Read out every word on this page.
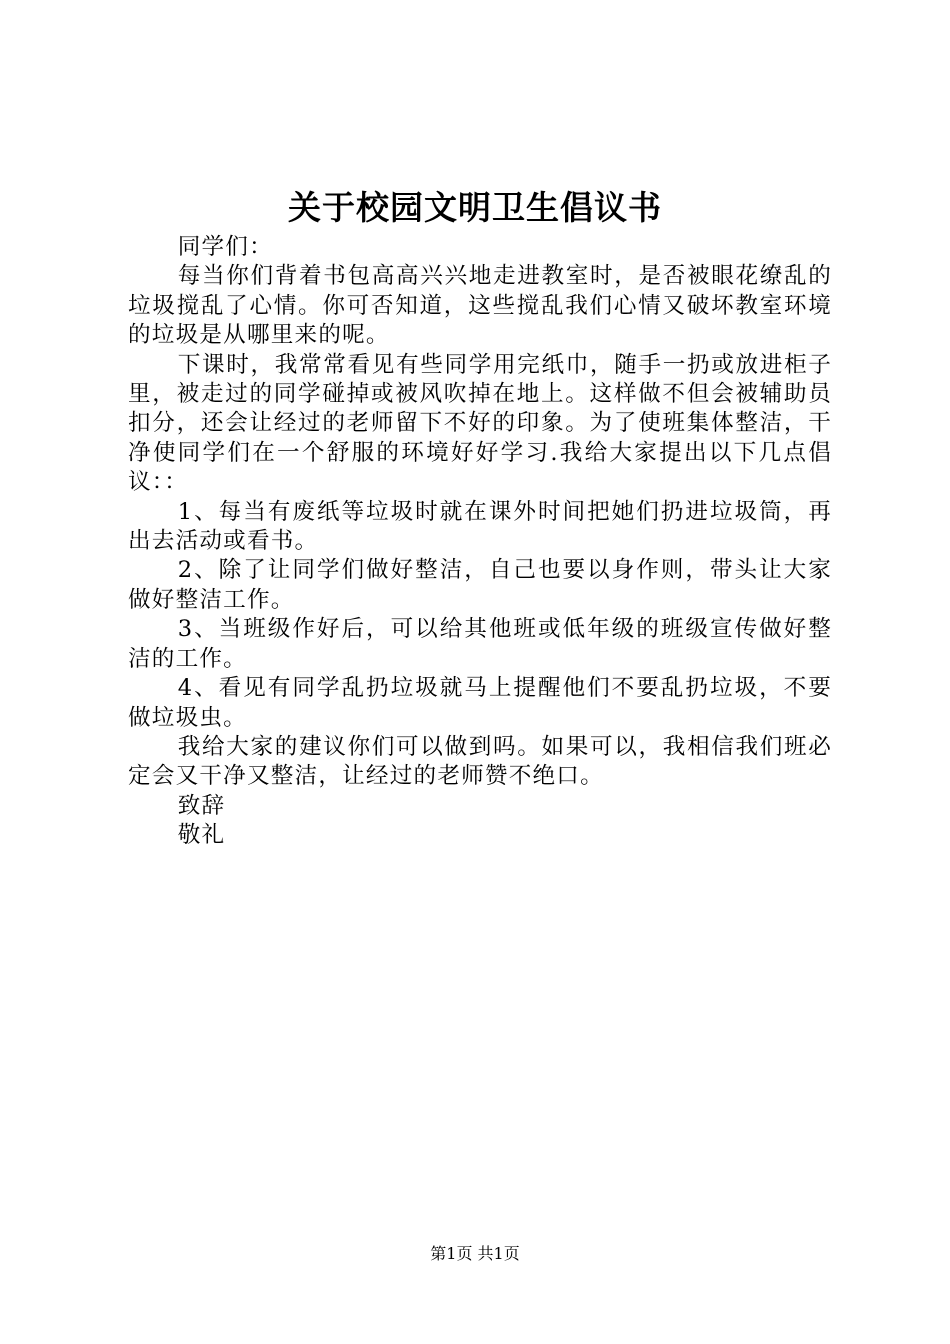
关于校园文明卫生倡议书

同学们：

每当你们背着书包高高兴兴地走进教室时，是否被眼花缭乱的垃圾搅乱了心情。你可否知道，这些搅乱我们心情又破坏教室环境的垃圾是从哪里来的呢。

下课时，我常常看见有些同学用完纸巾，随手一扔或放进柜子里，被走过的同学碰掉或被风吹掉在地上。这样做不但会被辅助员扣分，还会让经过的老师留下不好的印象。为了使班集体整洁，干净使同学们在一个舒服的环境好好学习.我给大家提出以下几点倡议：：

1、每当有废纸等垃圾时就在课外时间把她们扔进垃圾筒，再出去活动或看书。

2、除了让同学们做好整洁，自己也要以身作则，带头让大家做好整洁工作。

3、当班级作好后，可以给其他班或低年级的班级宣传做好整洁的工作。

4、看见有同学乱扔垃圾就马上提醒他们不要乱扔垃圾，不要做垃圾虫。

我给大家的建议你们可以做到吗。如果可以，我相信我们班必定会又干净又整洁，让经过的老师赞不绝口。

致辞

敬礼

第1页 共1页
